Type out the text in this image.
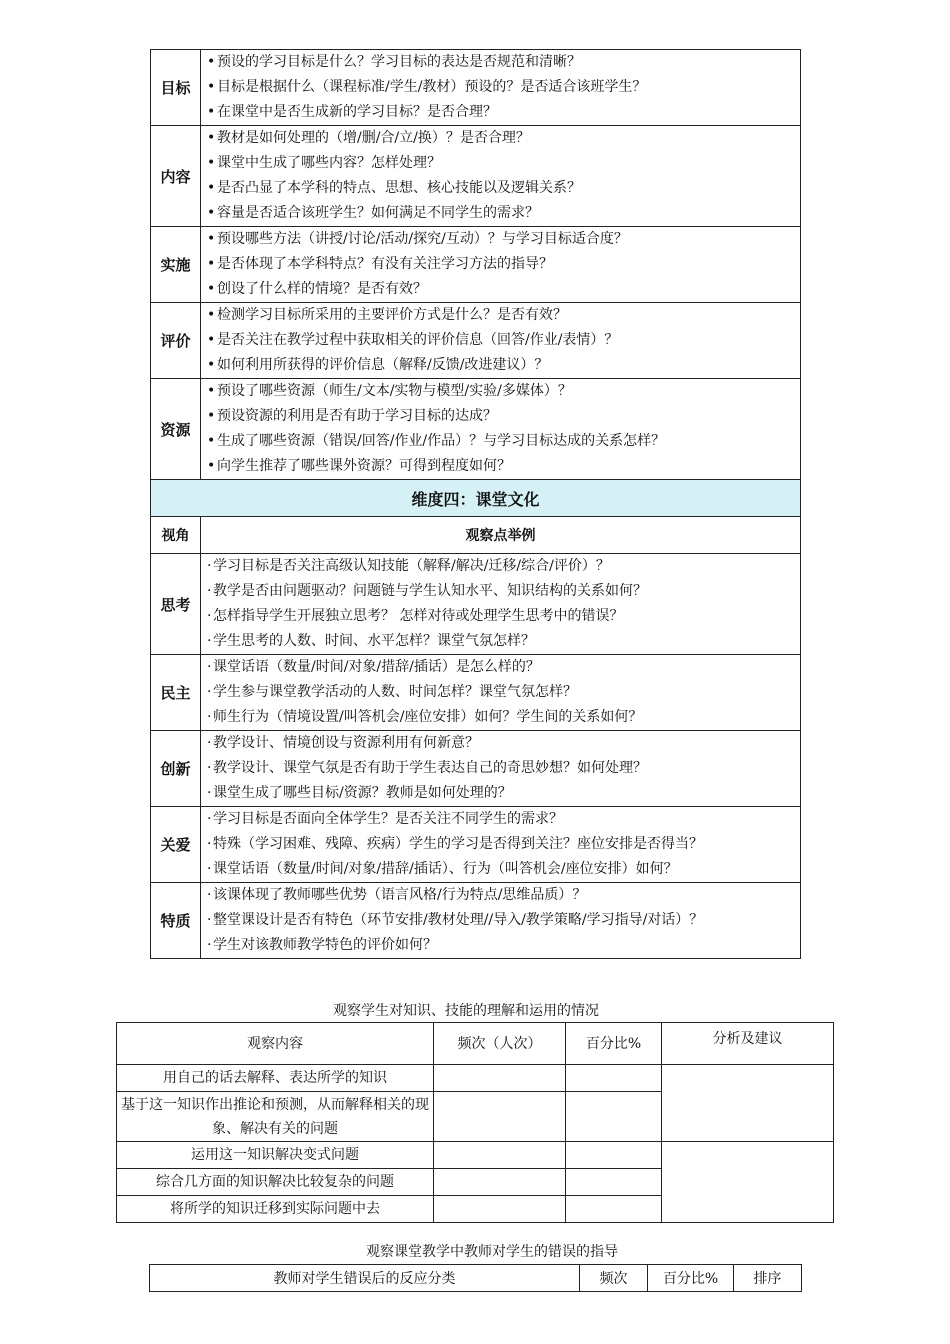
目标	• 预设的学习目标是什么？学习目标的表达是否规范和清晰？
• 目标是根据什么（课程标准/学生/教材）预设的？是否适合该班学生？
• 在课堂中是否生成新的学习目标？是否合理？

内容	• 教材是如何处理的（增/删/合/立/换）？是否合理？
• 课堂中生成了哪些内容？怎样处理？
• 是否凸显了本学科的特点、思想、核心技能以及逻辑关系？
• 容量是否适合该班学生？如何满足不同学生的需求？

实施	• 预设哪些方法（讲授/讨论/活动/探究/互动）？与学习目标适合度？
• 是否体现了本学科特点？有没有关注学习方法的指导？
• 创设了什么样的情境？是否有效？

评价	• 检测学习目标所采用的主要评价方式是什么？是否有效？
• 是否关注在教学过程中获取相关的评价信息（回答/作业/表情）？
• 如何利用所获得的评价信息（解释/反馈/改进建议）？

资源	• 预设了哪些资源（师生/文本/实物与模型/实验/多媒体）？
• 预设资源的利用是否有助于学习目标的达成？
• 生成了哪些资源（错误/回答/作业/作品）？与学习目标达成的关系怎样？
• 向学生推荐了哪些课外资源？可得到程度如何？

维度四：课堂文化	
视角	观察点举例
思考	· 学习目标是否关注高级认知技能（解释/解决/迁移/综合/评价）？
· 教学是否由问题驱动？问题链与学生认知水平、知识结构的关系如何？
· 怎样指导学生开展独立思考？ 怎样对待或处理学生思考中的错误？
· 学生思考的人数、时间、水平怎样？课堂气氛怎样？

民主	· 课堂话语（数量/时间/对象/措辞/插话）是怎么样的？
· 学生参与课堂教学活动的人数、时间怎样？课堂气氛怎样？
· 师生行为（情境设置/叫答机会/座位安排）如何？学生间的关系如何？

创新	· 教学设计、情境创设与资源利用有何新意？
· 教学设计、课堂气氛是否有助于学生表达自己的奇思妙想？如何处理？
· 课堂生成了哪些目标/资源？教师是如何处理的？

关爱	· 学习目标是否面向全体学生？是否关注不同学生的需求？
· 特殊（学习困难、残障、疾病）学生的学习是否得到关注？座位安排是否得当？
· 课堂话语（数量/时间/对象/措辞/插话）、行为（叫答机会/座位安排）如何？

特质	· 该课体现了教师哪些优势（语言风格/行为特点/思维品质）？
· 整堂课设计是否有特色（环节安排/教材处理//导入/教学策略/学习指导/对话）？
· 学生对该教师教学特色的评价如何？
观察学生对知识、技能的理解和运用的情况
观察内容	频次（人次）	百分比%	分析及建议
用自己的话去解释、表达所学的知识			
基于这一知识作出推论和预测，从而解释相关的现象、解决有关的问题			
运用这一知识解决变式问题			
综合几方面的知识解决比较复杂的问题			
将所学的知识迁移到实际问题中去			
观察课堂教学中教师对学生的错误的指导
教师对学生错误后的反应分类	频次	百分比%	排序
